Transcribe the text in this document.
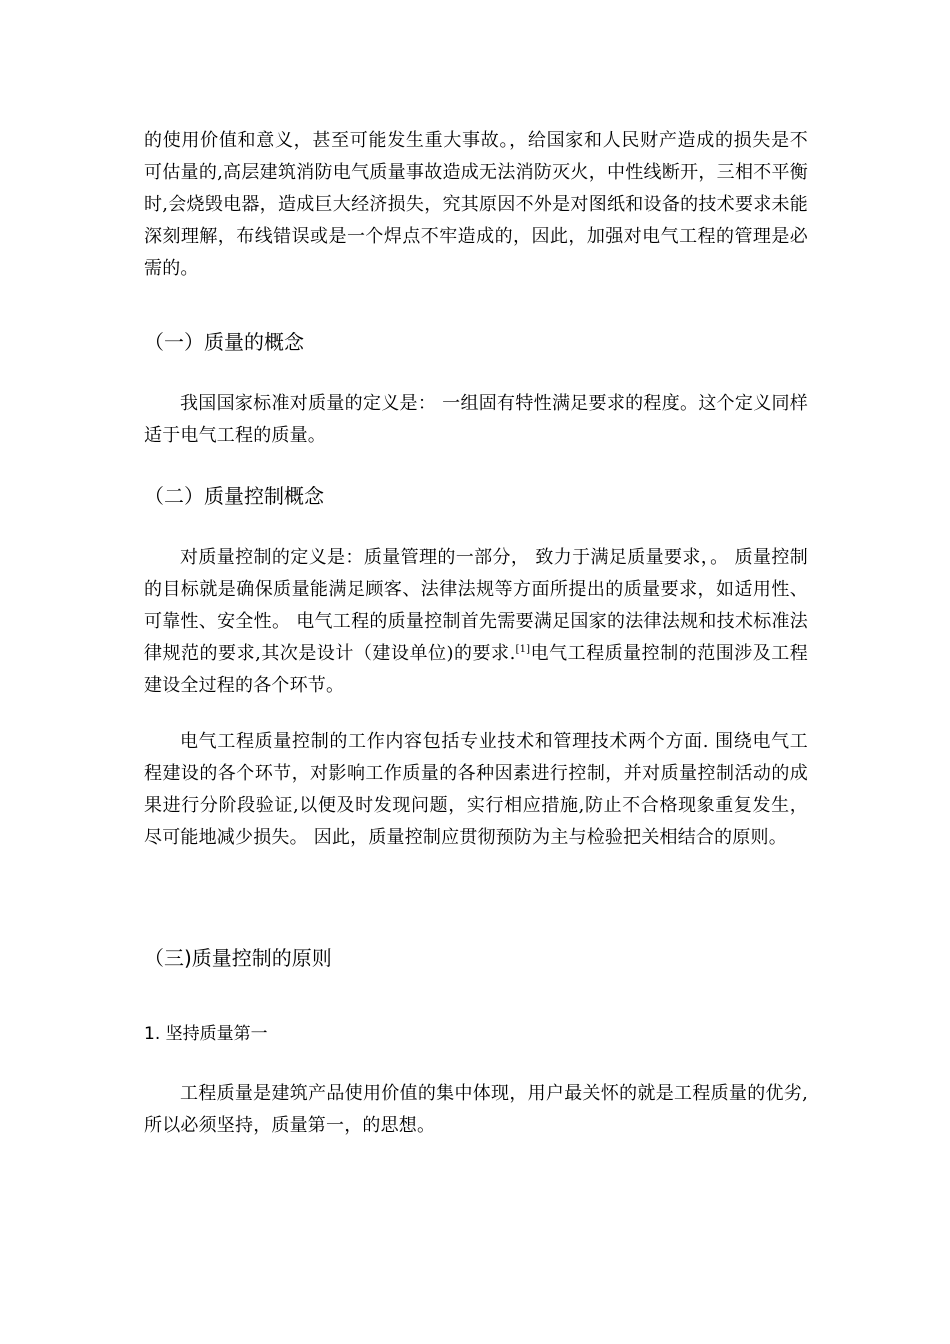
的使用价值和意义，甚至可能发生重大事故。，给国家和人民财产造成的损失是不可估量的,高层建筑消防电气质量事故造成无法消防灭火，中性线断开，三相不平衡时,会烧毁电器，造成巨大经济损失，究其原因不外是对图纸和设备的技术要求未能深刻理解，布线错误或是一个焊点不牢造成的，因此，加强对电气工程的管理是必需的。

（一）质量的概念

我国国家标准对质量的定义是： 一组固有特性满足要求的程度。这个定义同样适于电气工程的质量。

（二）质量控制概念

对质量控制的定义是：质量管理的一部分， 致力于满足质量要求，。 质量控制的目标就是确保质量能满足顾客、法律法规等方面所提出的质量要求，如适用性、可靠性、安全性。 电气工程的质量控制首先需要满足国家的法律法规和技术标准法律规范的要求,其次是设计（建设单位)的要求.[1]电气工程质量控制的范围涉及工程建设全过程的各个环节。

电气工程质量控制的工作内容包括专业技术和管理技术两个方面. 围绕电气工程建设的各个环节，对影响工作质量的各种因素进行控制，并对质量控制活动的成果进行分阶段验证,以便及时发现问题，实行相应措施,防止不合格现象重复发生，尽可能地减少损失。 因此，质量控制应贯彻预防为主与检验把关相结合的原则。

（三)质量控制的原则
1. 坚持质量第一

工程质量是建筑产品使用价值的集中体现，用户最关怀的就是工程质量的优劣,所以必须坚持，质量第一，的思想。
